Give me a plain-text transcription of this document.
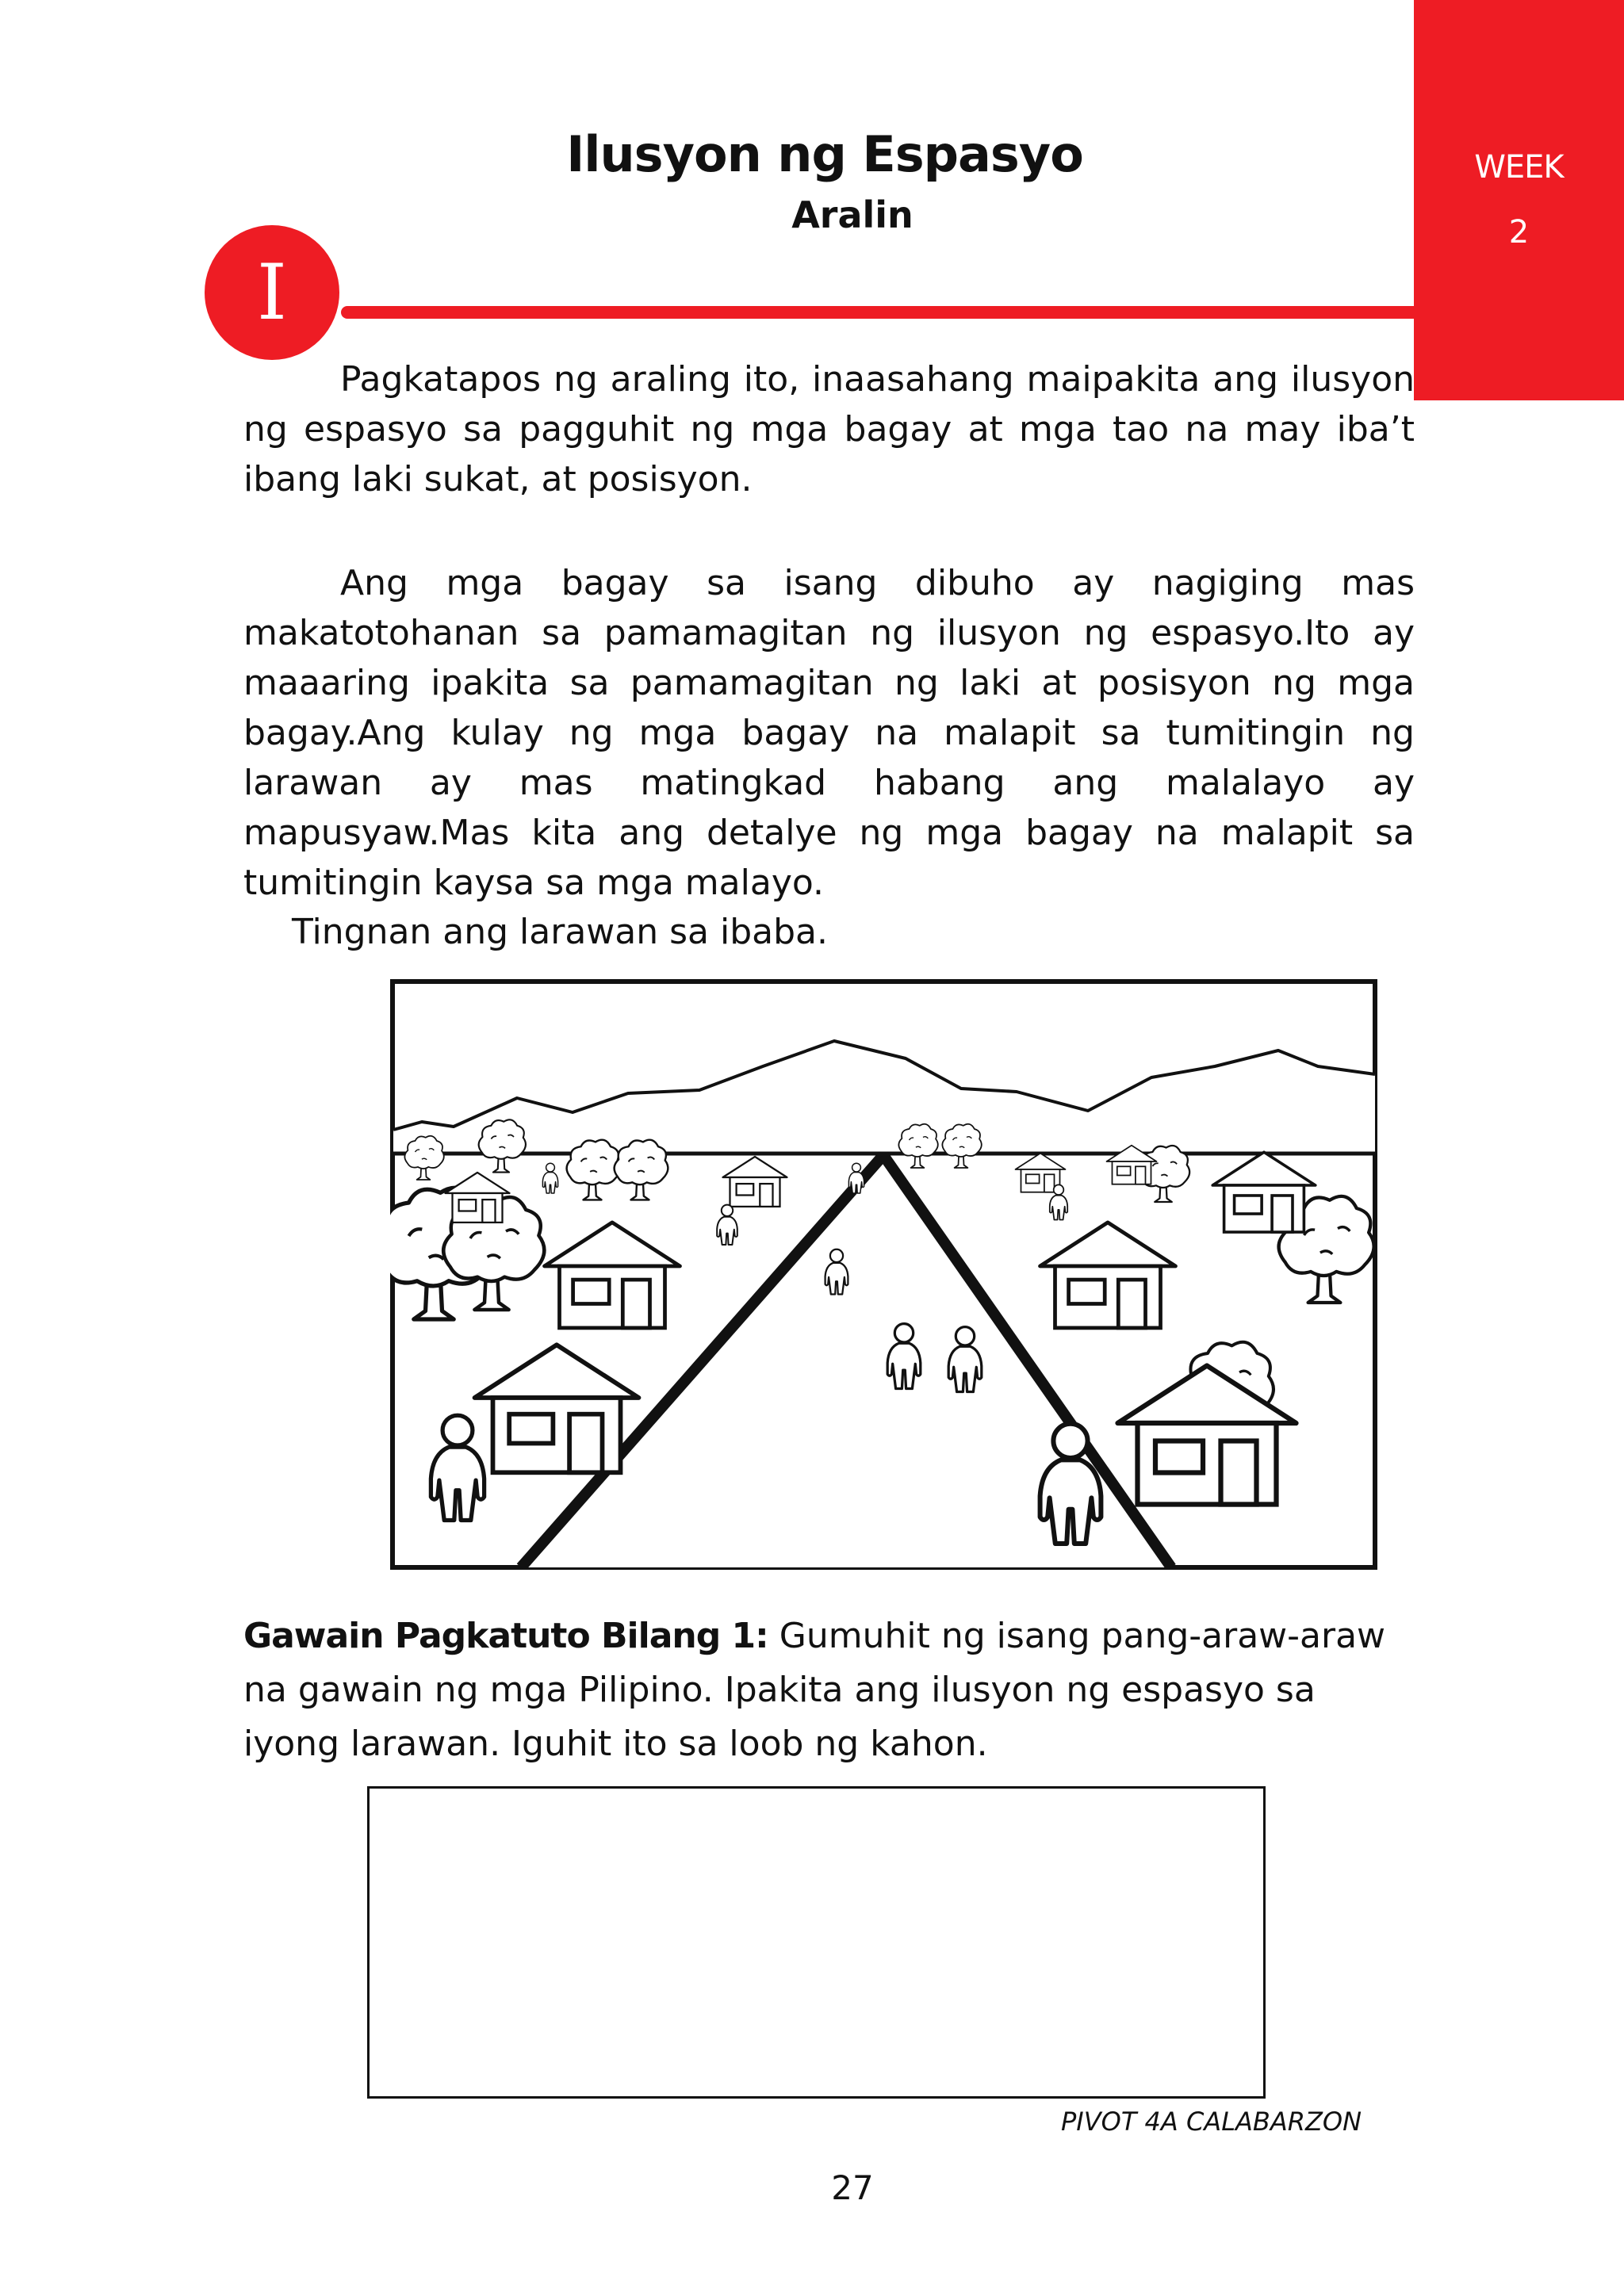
WEEK
2
Ilusyon ng Espasyo
Aralin
I

Pagkatapos ng araling ito, inaasahang maipakita ang ilusyon ng espasyo sa pagguhit ng mga bagay at mga tao na may iba’t ibang laki sukat, at posisyon.

Ang mga bagay sa isang dibuho ay nagiging mas makatotohanan sa pamamagitan ng ilusyon ng espasyo.Ito ay maaaring ipakita sa pamamagitan ng laki at posisyon ng mga bagay.Ang kulay ng mga bagay na malapit sa tumitingin ng larawan ay mas matingkad habang ang malalayo ay mapusyaw.Mas kita ang detalye ng mga bagay na malapit sa tumitingin kaysa sa mga malayo.

Tingnan ang larawan sa ibaba.

Gawain Pagkatuto Bilang 1: Gumuhit ng isang pang-araw-araw na gawain ng mga Pilipino. Ipakita ang ilusyon ng espasyo sa iyong larawan. Iguhit ito sa loob ng kahon.

PIVOT 4A CALABARZON
27
